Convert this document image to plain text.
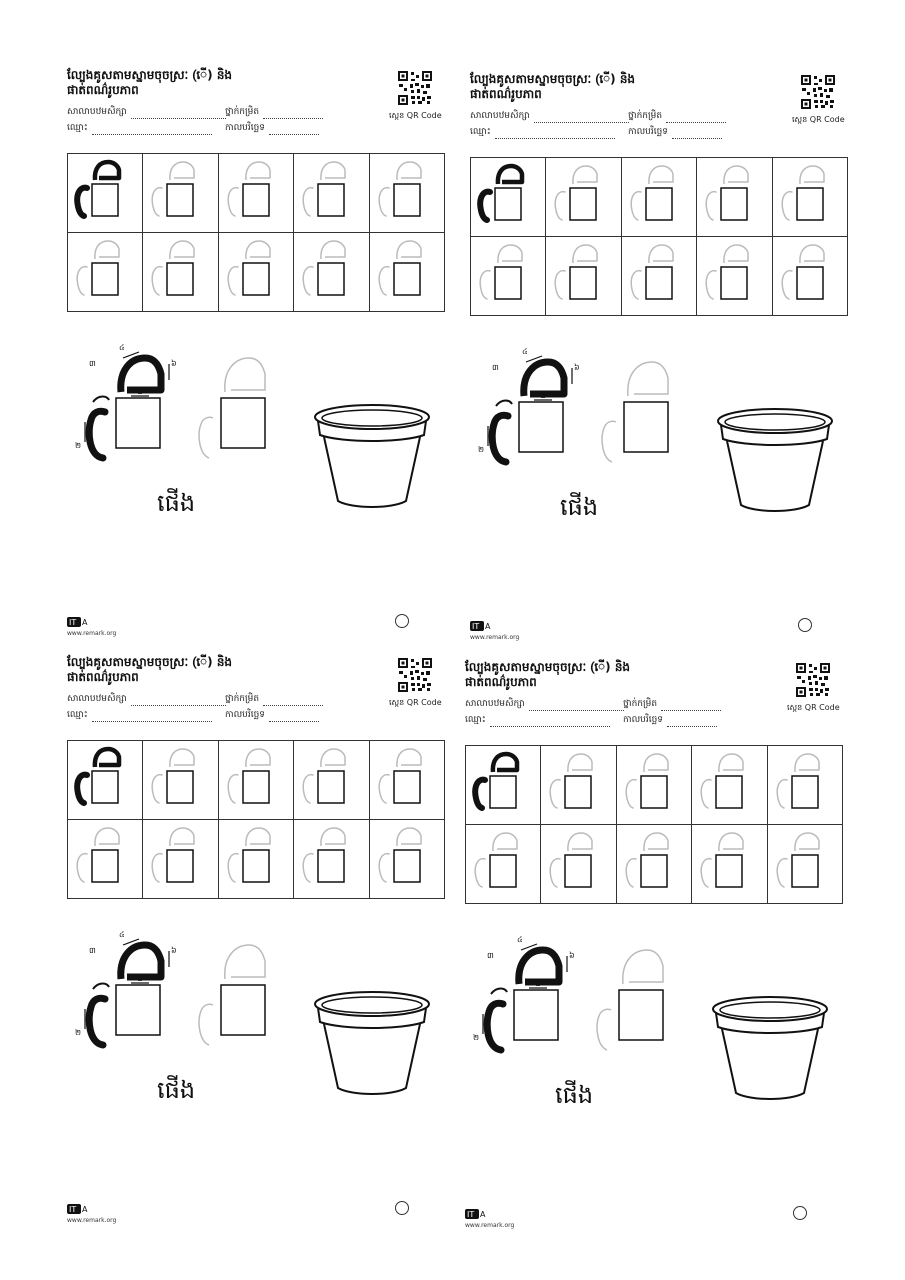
ល្បែងគូសតាមស្នាមចុចស្រៈ (ើ) និង
ផាត់ពណ៌រូបភាព
សាលាបឋមសិក្សា	ថ្នាក់កម្រិត
ឈ្មោះ	កាលបរិច្ឆេទ
ស្កេន QR Code

១
២
៣
៤
៥
៦
ផើង
IT A
www.remark.org
ល្បែងគូសតាមស្នាមចុចស្រៈ (ើ) និង
ផាត់ពណ៌រូបភាព
សាលាបឋមសិក្សា	ថ្នាក់កម្រិត
ឈ្មោះ	កាលបរិច្ឆេទ
ស្កេន QR Code

១
២
៣
៤
៥
៦
ផើង
IT A
www.remark.org
ល្បែងគូសតាមស្នាមចុចស្រៈ (ើ) និង
ផាត់ពណ៌រូបភាព
សាលាបឋមសិក្សា	ថ្នាក់កម្រិត
ឈ្មោះ	កាលបរិច្ឆេទ
ស្កេន QR Code

១
២
៣
៤
៥
៦
ផើង
IT A
www.remark.org
ល្បែងគូសតាមស្នាមចុចស្រៈ (ើ) និង
ផាត់ពណ៌រូបភាព
សាលាបឋមសិក្សា	ថ្នាក់កម្រិត
ឈ្មោះ	កាលបរិច្ឆេទ
ស្កេន QR Code

១
២
៣
៤
៥
៦
ផើង
IT A
www.remark.org
